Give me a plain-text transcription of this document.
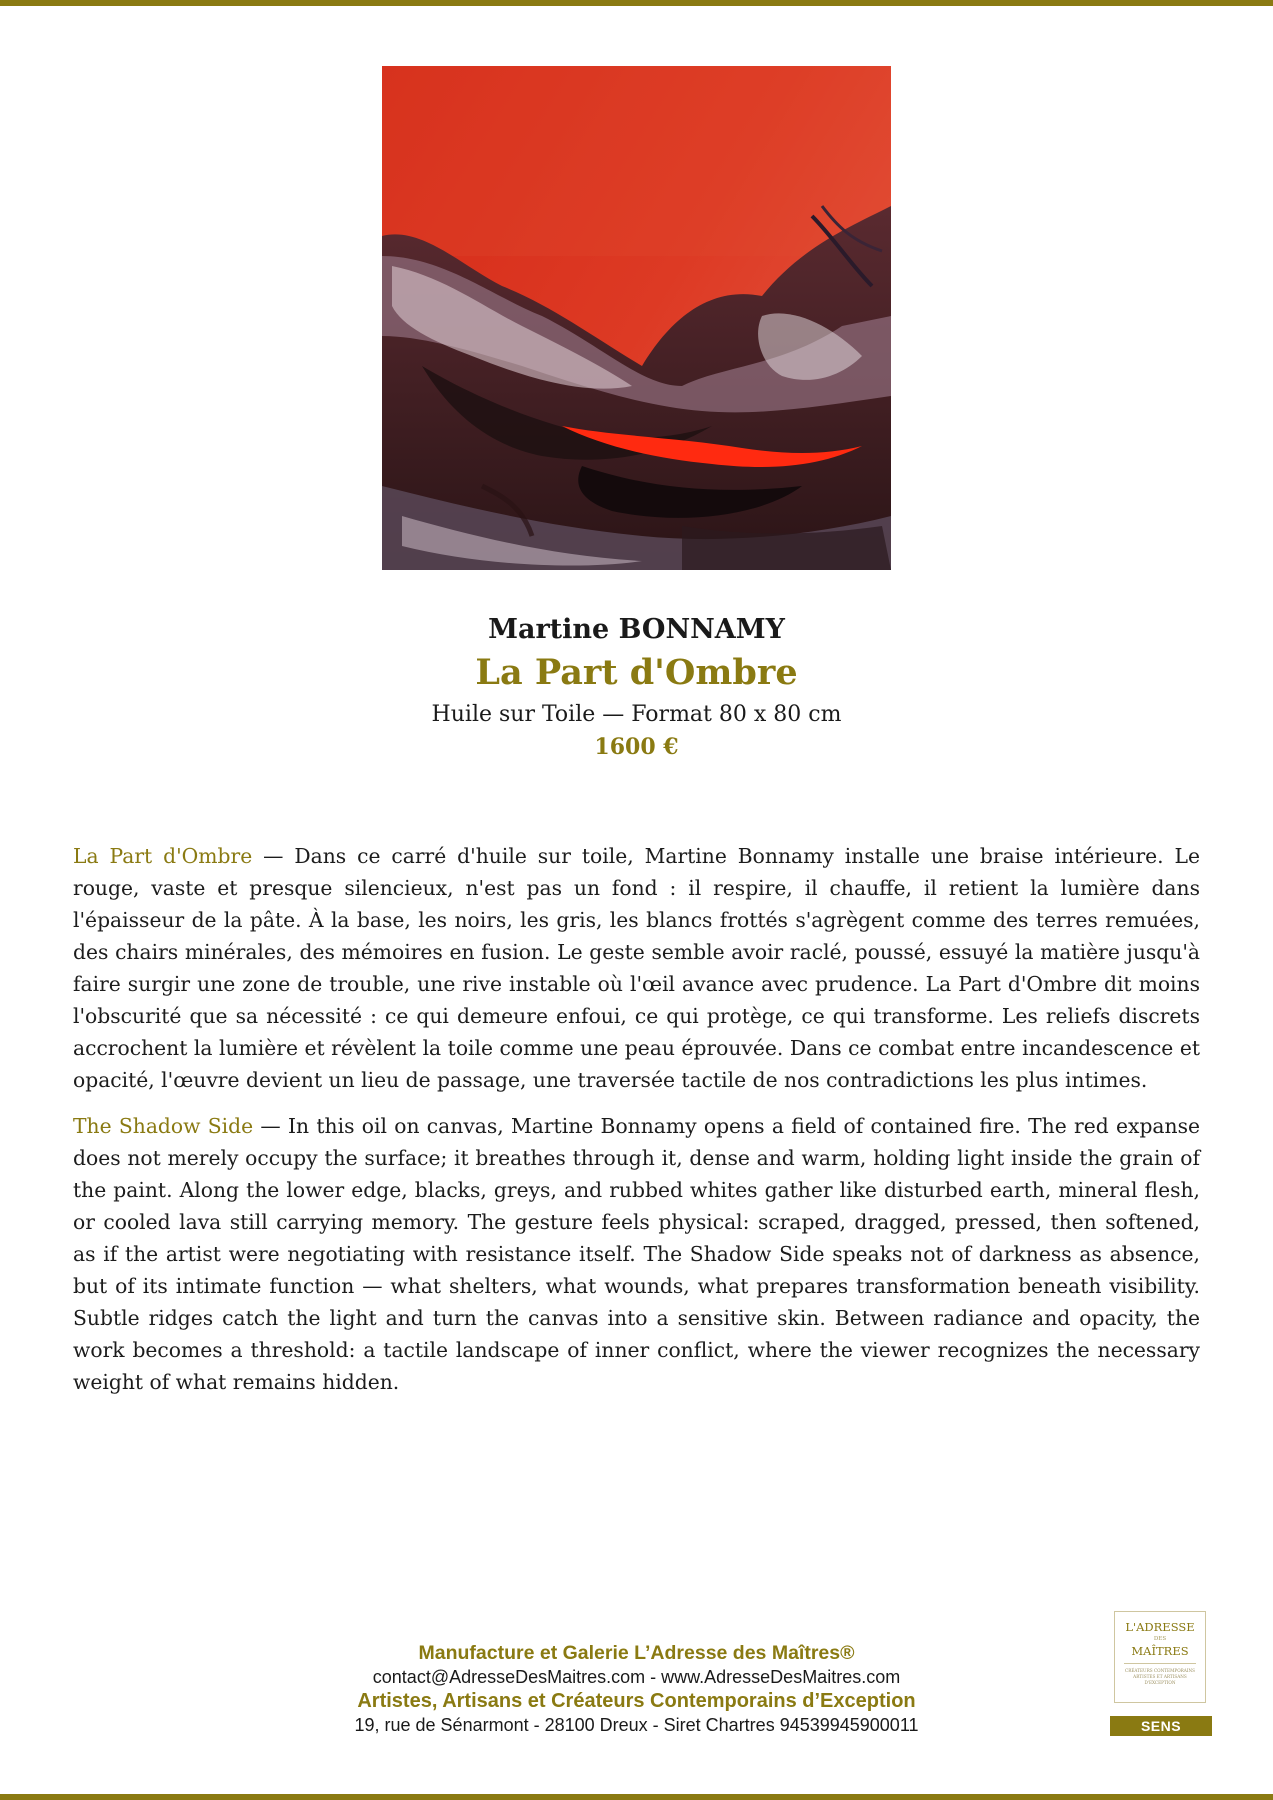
Martine BONNAMY
La Part d'Ombre
Huile sur Toile — Format 80 x 80 cm
1600 €

La Part d'Ombre — Dans ce carré d'huile sur toile, Martine Bonnamy installe une braise intérieure. Le rouge, vaste et presque silencieux, n'est pas un fond : il respire, il chauffe, il retient la lumière dans l'épaisseur de la pâte. À la base, les noirs, les gris, les blancs frottés s'agrègent comme des terres remuées, des chairs minérales, des mémoires en fusion. Le geste semble avoir raclé, poussé, essuyé la matière jusqu'à faire surgir une zone de trouble, une rive instable où l'œil avance avec prudence. La Part d'Ombre dit moins l'obscurité que sa nécessité : ce qui demeure enfoui, ce qui protège, ce qui transforme. Les reliefs discrets accrochent la lumière et révèlent la toile comme une peau éprouvée. Dans ce combat entre incandescence et opacité, l'œuvre devient un lieu de passage, une traversée tactile de nos contradictions les plus intimes.

The Shadow Side — In this oil on canvas, Martine Bonnamy opens a field of contained fire. The red expanse does not merely occupy the surface; it breathes through it, dense and warm, holding light inside the grain of the paint. Along the lower edge, blacks, greys, and rubbed whites gather like disturbed earth, mineral flesh, or cooled lava still carrying memory. The gesture feels physical: scraped, dragged, pressed, then softened, as if the artist were negotiating with resistance itself. The Shadow Side speaks not of darkness as absence, but of its intimate function — what shelters, what wounds, what prepares transformation beneath visibility. Subtle ridges catch the light and turn the canvas into a sensitive skin. Between radiance and opacity, the work becomes a threshold: a tactile landscape of inner conflict, where the viewer recognizes the necessary weight of what remains hidden.

Manufacture et Galerie L’Adresse des Maîtres®
contact@AdresseDesMaitres.com - www.AdresseDesMaitres.com
Artistes, Artisans et Créateurs Contemporains d’Exception
19, rue de Sénarmont - 28100 Dreux - Siret Chartres 94539945900011
L'ADRESSE
DES
MAÎTRES
CRÉATEURS CONTEMPORAINS ARTISTES ET ARTISANS D'EXCEPTION
SENS
